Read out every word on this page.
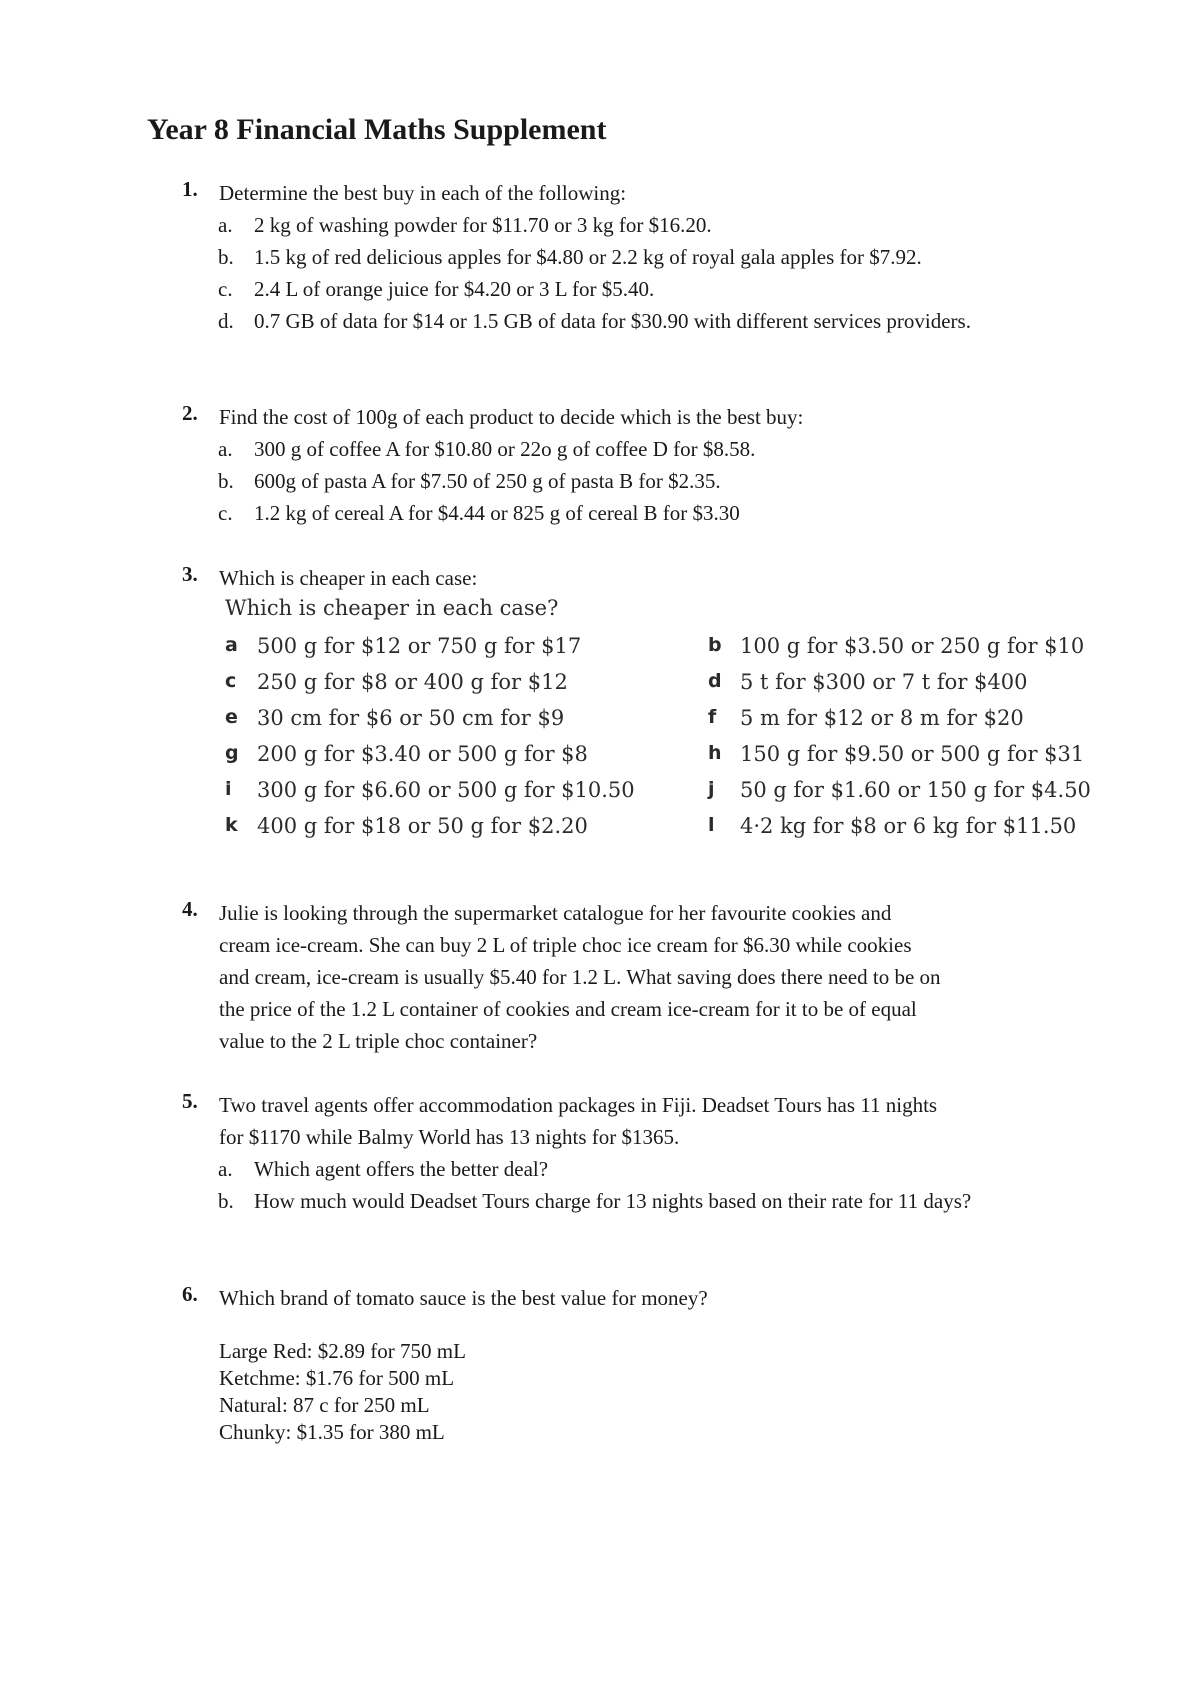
Year 8 Financial Maths Supplement
1. Determine the best buy in each of the following:
a.	2 kg of washing powder for $11.70 or 3 kg for $16.20.
b. 1.5 kg of red delicious apples for $4.80 or 2.2 kg of royal gala apples for $7.92.
c.	2.4 L of orange juice for $4.20 or 3 L for $5.40.
d. 0.7 GB of data for $14 or 1.5 GB of data for $30.90 with different services providers.
2. Find the cost of 100g of each product to decide which is the best buy:
a.	300 g of coffee A for $10.80 or 22o g of coffee D for $8.58.
b. 600g of pasta A for $7.50 of 250 g of pasta B for $2.35.
c.	1.2 kg of cereal A for $4.44 or 825 g of cereal B for $3.30
3. Which is cheaper in each case:
Which is cheaper in each case?
a 500 g for $12 or 750 g for $17	b 100 g for $3.50 or 250 g for $10
c 250 g for $8 or 400 g for $12	d 5 t for $300 or 7 t for $400
e 30 cm for $6 or 50 cm for $9	f 5 m for $12 or 8 m for $20
g 200 g for $3.40 or 500 g for $8	h 150 g for $9.50 or 500 g for $31
i 300 g for $6.60 or 500 g for $10.50	j 50 g for $1.60 or 150 g for $4.50
k 400 g for $18 or 50 g for $2.20	l 4·2 kg for $8 or 6 kg for $11.50
4. Julie is looking through the supermarket catalogue for her favourite cookies and
cream ice-cream. She can buy 2 L of triple choc ice cream for $6.30 while cookies
and cream, ice-cream is usually $5.40 for 1.2 L. What saving does there need to be on
the price of the 1.2 L container of cookies and cream ice-cream for it to be of equal
value to the 2 L triple choc container?
5. Two travel agents offer accommodation packages in Fiji. Deadset Tours has 11 nights
for $1170 while Balmy World has 13 nights for $1365.
a.	Which agent offers the better deal?
b. How much would Deadset Tours charge for 13 nights based on their rate for 11 days?
6. Which brand of tomato sauce is the best value for money?
Large Red: $2.89 for 750 mL
Ketchme: $1.76 for 500 mL
Natural: 87 c for 250 mL
Chunky: $1.35 for 380 mL
